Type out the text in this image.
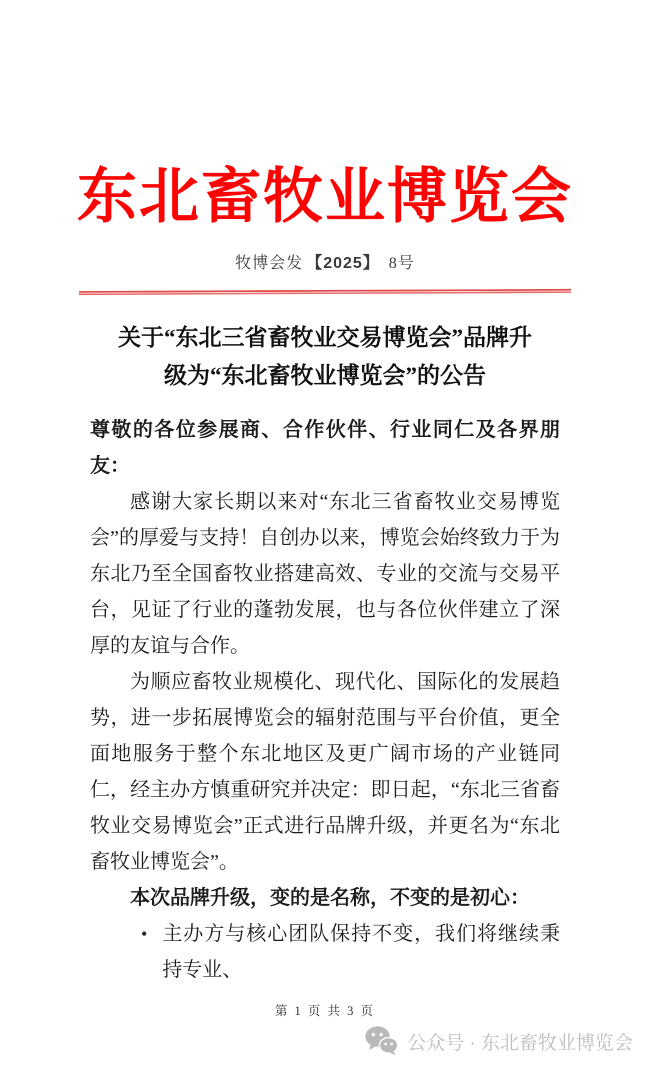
东北畜牧业博览会
牧博会发 【2025】 8号
关于“东北三省畜牧业交易博览会”品牌升
级为“东北畜牧业博览会”的公告

尊敬的各位参展商、合作伙伴、行业同仁及各界朋友：

感谢大家长期以来对“东北三省畜牧业交易博览会”的厚爱与支持！自创办以来，博览会始终致力于为东北乃至全国畜牧业搭建高效、专业的交流与交易平台，见证了行业的蓬勃发展，也与各位伙伴建立了深厚的友谊与合作。

为顺应畜牧业规模化、现代化、国际化的发展趋势，进一步拓展博览会的辐射范围与平台价值，更全面地服务于整个东北地区及更广阔市场的产业链同仁，经主办方慎重研究并决定：即日起，“东北三省畜牧业交易博览会”正式进行品牌升级，并更名为“东北畜牧业博览会”。

本次品牌升级，变的是名称，不变的是初心：

• 主办方与核心团队保持不变，我们将继续秉持专业、
第 1 页 共 3 页
公众号 · 东北畜牧业博览会
